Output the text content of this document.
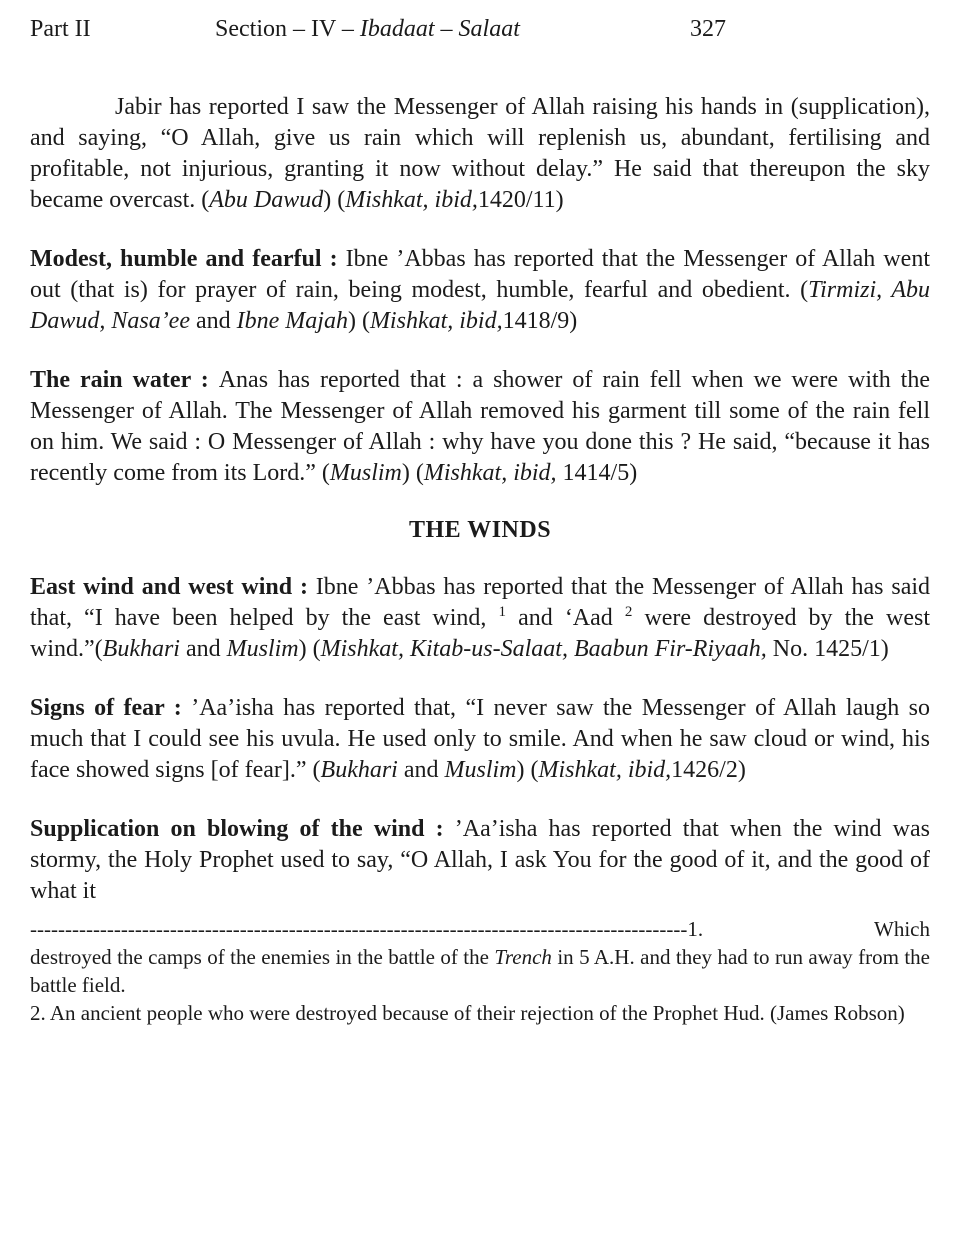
Part II	Section – IV – Ibadaat – Salaat	327

Jabir has reported I saw the Messenger of Allah raising his hands in (supplication), and saying, “O Allah, give us rain which will replenish us, abundant, fertilising and profitable, not injurious, granting it now without delay.” He said that thereupon the sky became overcast. (Abu Dawud) (Mishkat, ibid,1420/11)

Modest, humble and fearful : Ibne ’Abbas has reported that the Messenger of Allah went out (that is) for prayer of rain, being modest, humble, fearful and obedient. (Tirmizi, Abu Dawud, Nasa’ee and Ibne Majah) (Mishkat, ibid,1418/9)

The rain water : Anas has reported that : a shower of rain fell when we were with the Messenger of Allah. The Messenger of Allah removed his garment till some of the rain fell on him. We said : O Messenger of Allah : why have you done this ? He said, “because it has recently come from its Lord.” (Muslim) (Mishkat, ibid, 1414/5)

THE WINDS

East wind and west wind : Ibne ’Abbas has reported that the Messenger of Allah has said that, “I have been helped by the east wind, $^1$ and ‘Aad $^2$ were destroyed by the west wind.”(Bukhari and Muslim) (Mishkat, Kitab-us-Salaat, Baabun Fir-Riyaah, No. 1425/1)

Signs of fear : ’Aa’isha has reported that, “I never saw the Messenger of Allah laugh so much that I could see his uvula. He used only to smile. And when he saw cloud or wind, his face showed signs [of fear].” (Bukhari and Muslim) (Mishkat, ibid,1426/2)

Supplication on blowing of the wind : ’Aa’isha has reported that when the wind was stormy, the Holy Prophet used to say, “O Allah, I ask You for the good of it, and the good of what it

----------------------------------------------------------------------------------------------1.	Which

destroyed the camps of the enemies in the battle of the Trench in 5 A.H. and they had to run away from the battle field.

2. An ancient people who were destroyed because of their rejection of the Prophet Hud. (James Robson)
